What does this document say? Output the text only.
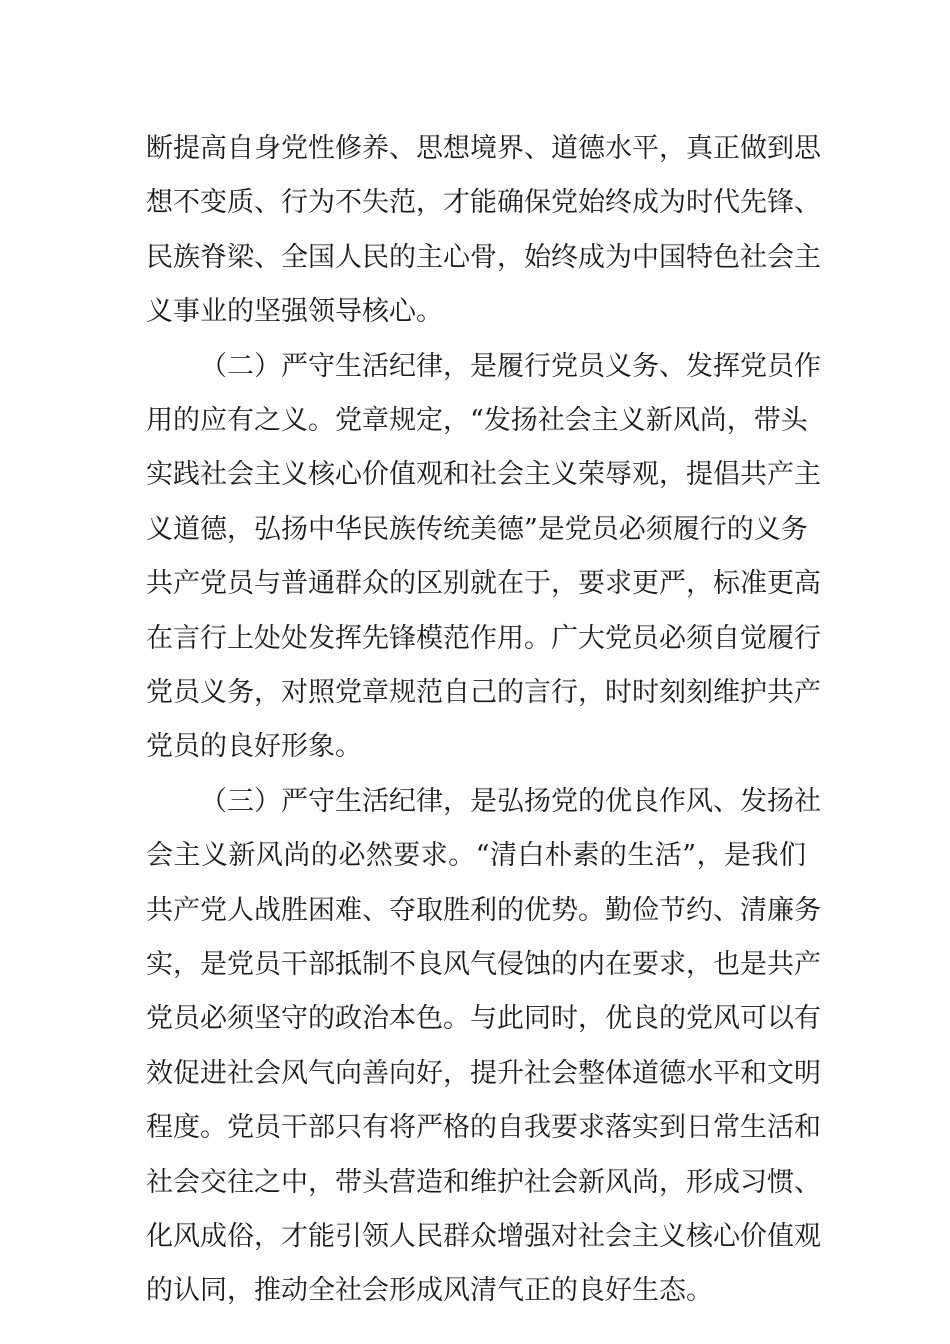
断提高自身党性修养、思想境界、道德水平，真正做到思
想不变质、行为不失范，才能确保党始终成为时代先锋、
民族脊梁、全国人民的主心骨，始终成为中国特色社会主
义事业的坚强领导核心。
（二）严守生活纪律，是履行党员义务、发挥党员作
用的应有之义。党章规定，“发扬社会主义新风尚，带头
实践社会主义核心价值观和社会主义荣辱观，提倡共产主
义道德，弘扬中华民族传统美德”是党员必须履行的义务
共产党员与普通群众的区别就在于，要求更严，标准更高
在言行上处处发挥先锋模范作用。广大党员必须自觉履行
党员义务，对照党章规范自己的言行，时时刻刻维护共产
党员的良好形象。
（三）严守生活纪律，是弘扬党的优良作风、发扬社
会主义新风尚的必然要求。“清白朴素的生活”，是我们
共产党人战胜困难、夺取胜利的优势。勤俭节约、清廉务
实，是党员干部抵制不良风气侵蚀的内在要求，也是共产
党员必须坚守的政治本色。与此同时，优良的党风可以有
效促进社会风气向善向好，提升社会整体道德水平和文明
程度。党员干部只有将严格的自我要求落实到日常生活和
社会交往之中，带头营造和维护社会新风尚，形成习惯、
化风成俗，才能引领人民群众增强对社会主义核心价值观
的认同，推动全社会形成风清气正的良好生态。
